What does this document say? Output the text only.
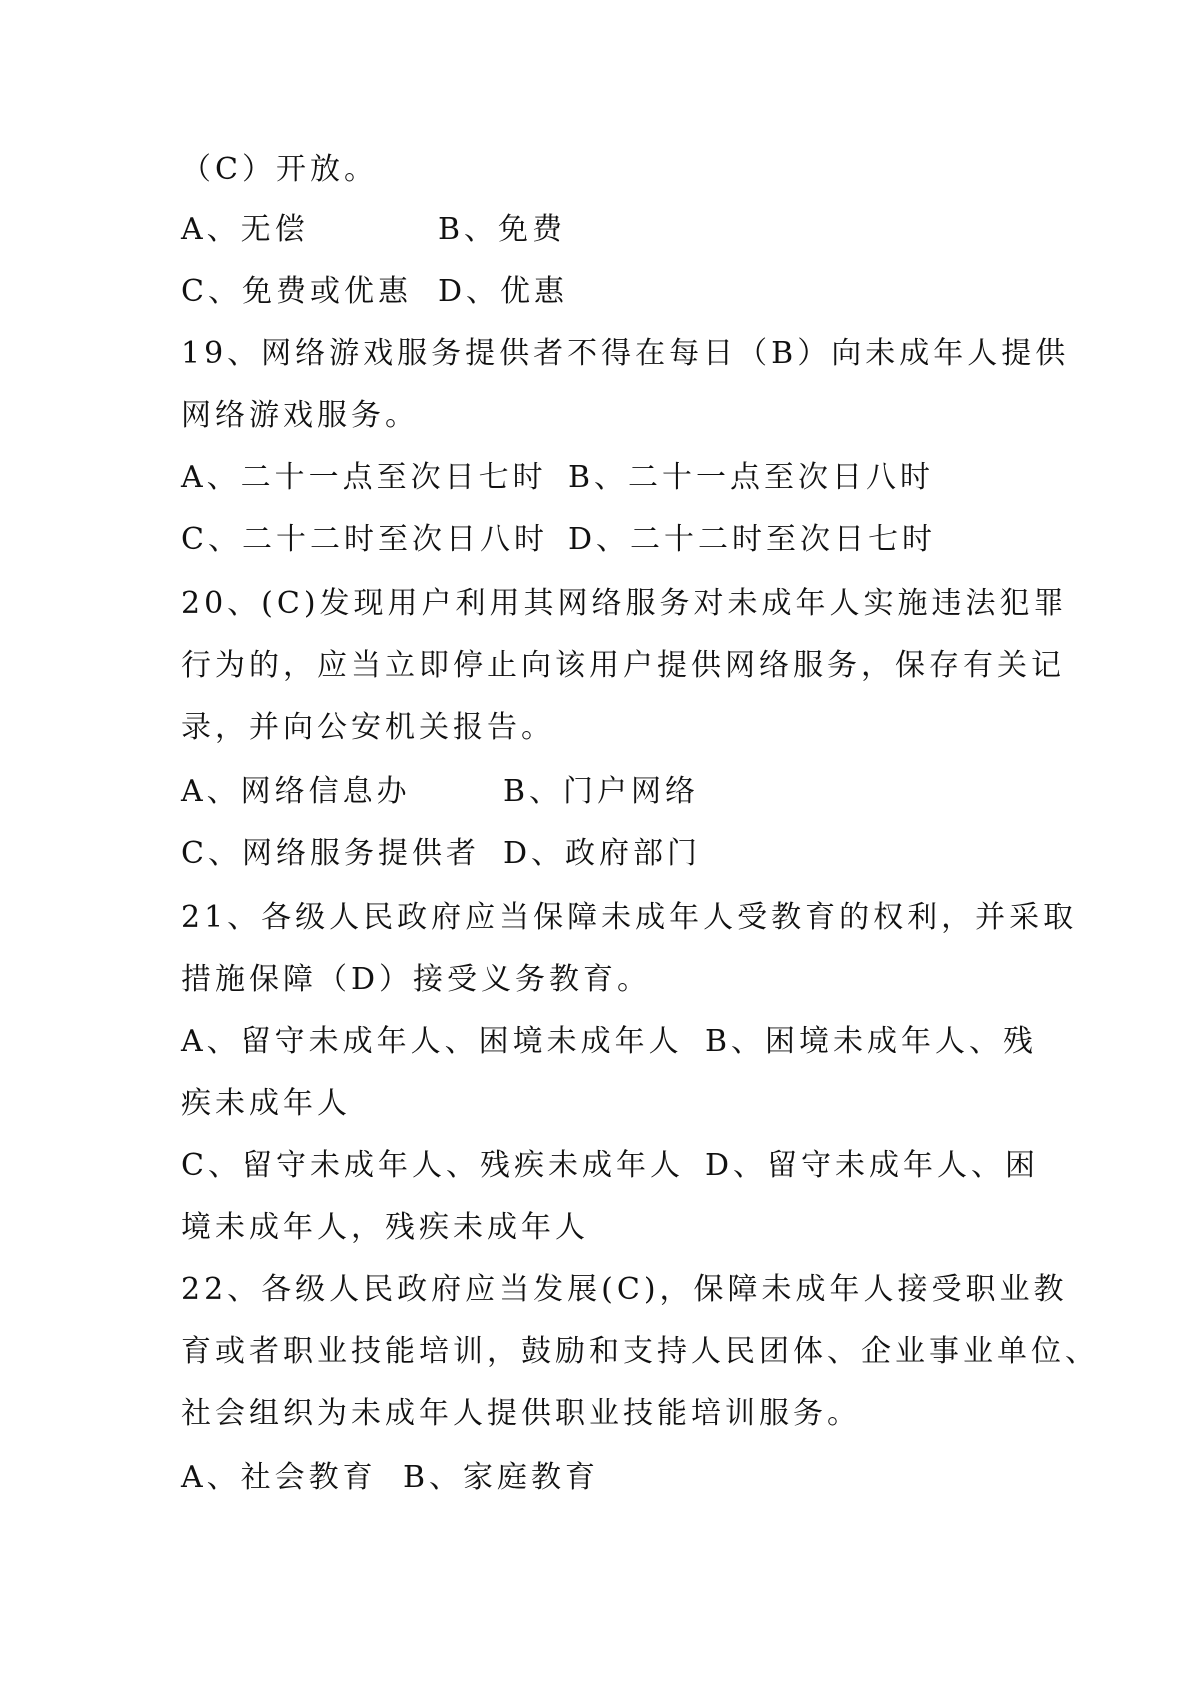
（C）开放。
A、无偿	B、免费
C、免费或优惠 D、优惠
19、网络游戏服务提供者不得在每日（B）向未成年人提供
网络游戏服务。
A、二十一点至次日七时 B、二十一点至次日八时
C、二十二时至次日八时 D、二十二时至次日七时
20、(C)发现用户利用其网络服务对未成年人实施违法犯罪
行为的，应当立即停止向该用户提供网络服务，保存有关记
录，并向公安机关报告。
A、网络信息办	B、门户网络
C、网络服务提供者 D、政府部门
21、各级人民政府应当保障未成年人受教育的权利，并采取
措施保障（D）接受义务教育。
A、留守未成年人、困境未成年人 B、困境未成年人、残
疾未成年人
C、留守未成年人、残疾未成年人 D、留守未成年人、困
境未成年人，残疾未成年人
22、各级人民政府应当发展(C)，保障未成年人接受职业教
育或者职业技能培训，鼓励和支持人民团体、企业事业单位、
社会组织为未成年人提供职业技能培训服务。
A、社会教育 B、家庭教育
